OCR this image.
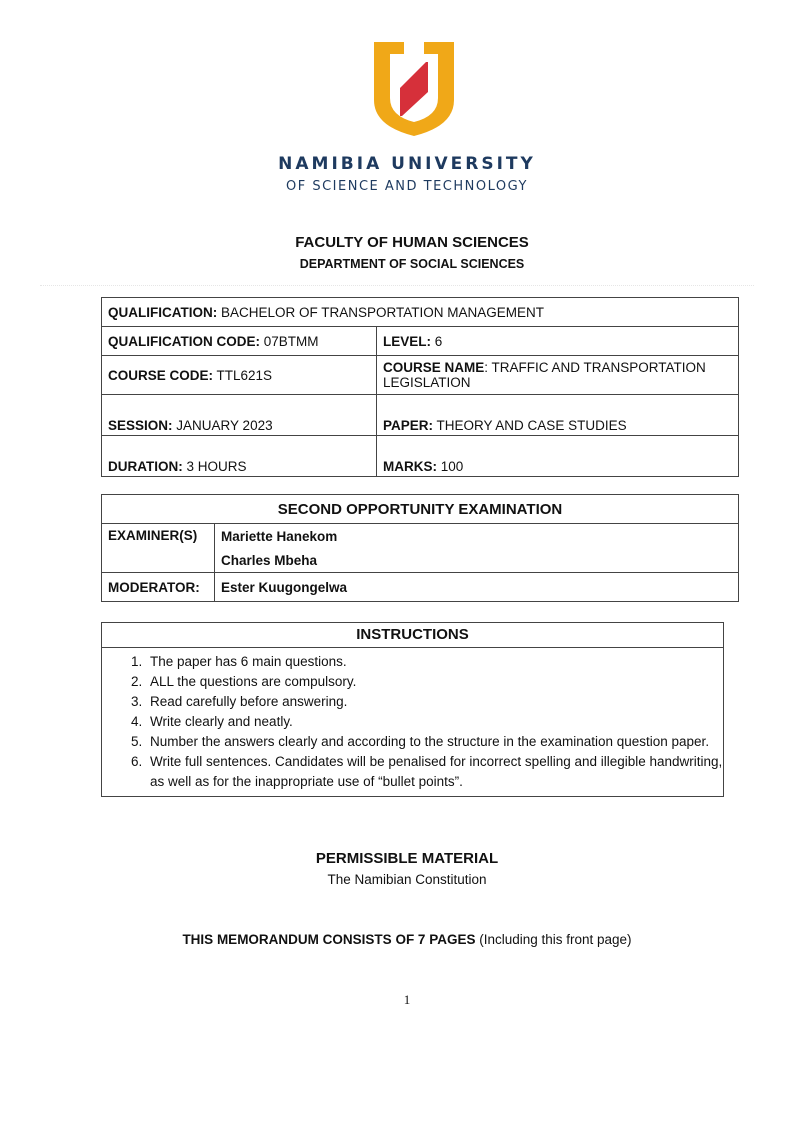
NAMIBIA UNIVERSITY
OF SCIENCE AND TECHNOLOGY
FACULTY OF HUMAN SCIENCES
DEPARTMENT OF SOCIAL SCIENCES
QUALIFICATION: BACHELOR OF TRANSPORTATION MANAGEMENT	
QUALIFICATION CODE: 07BTMM	LEVEL: 6
COURSE CODE: TTL621S	COURSE NAME: TRAFFIC AND TRANSPORTATION LEGISLATION
SESSION: JANUARY 2023	PAPER: THEORY AND CASE STUDIES
DURATION: 3 HOURS	MARKS: 100
SECOND OPPORTUNITY EXAMINATION	
EXAMINER(S)	Mariette Hanekom
	Charles Mbeha
MODERATOR:	Ester Kuugongelwa
INSTRUCTIONS
1. The paper has 6 main questions.
2. ALL the questions are compulsory.
3. Read carefully before answering.
4. Write clearly and neatly.
5. Number the answers clearly and according to the structure in the examination question paper.
6. Write full sentences. Candidates will be penalised for incorrect spelling and illegible handwriting, as well as for the inappropriate use of “bullet points”.
PERMISSIBLE MATERIAL
The Namibian Constitution
THIS MEMORANDUM CONSISTS OF 7 PAGES (Including this front page)
1
